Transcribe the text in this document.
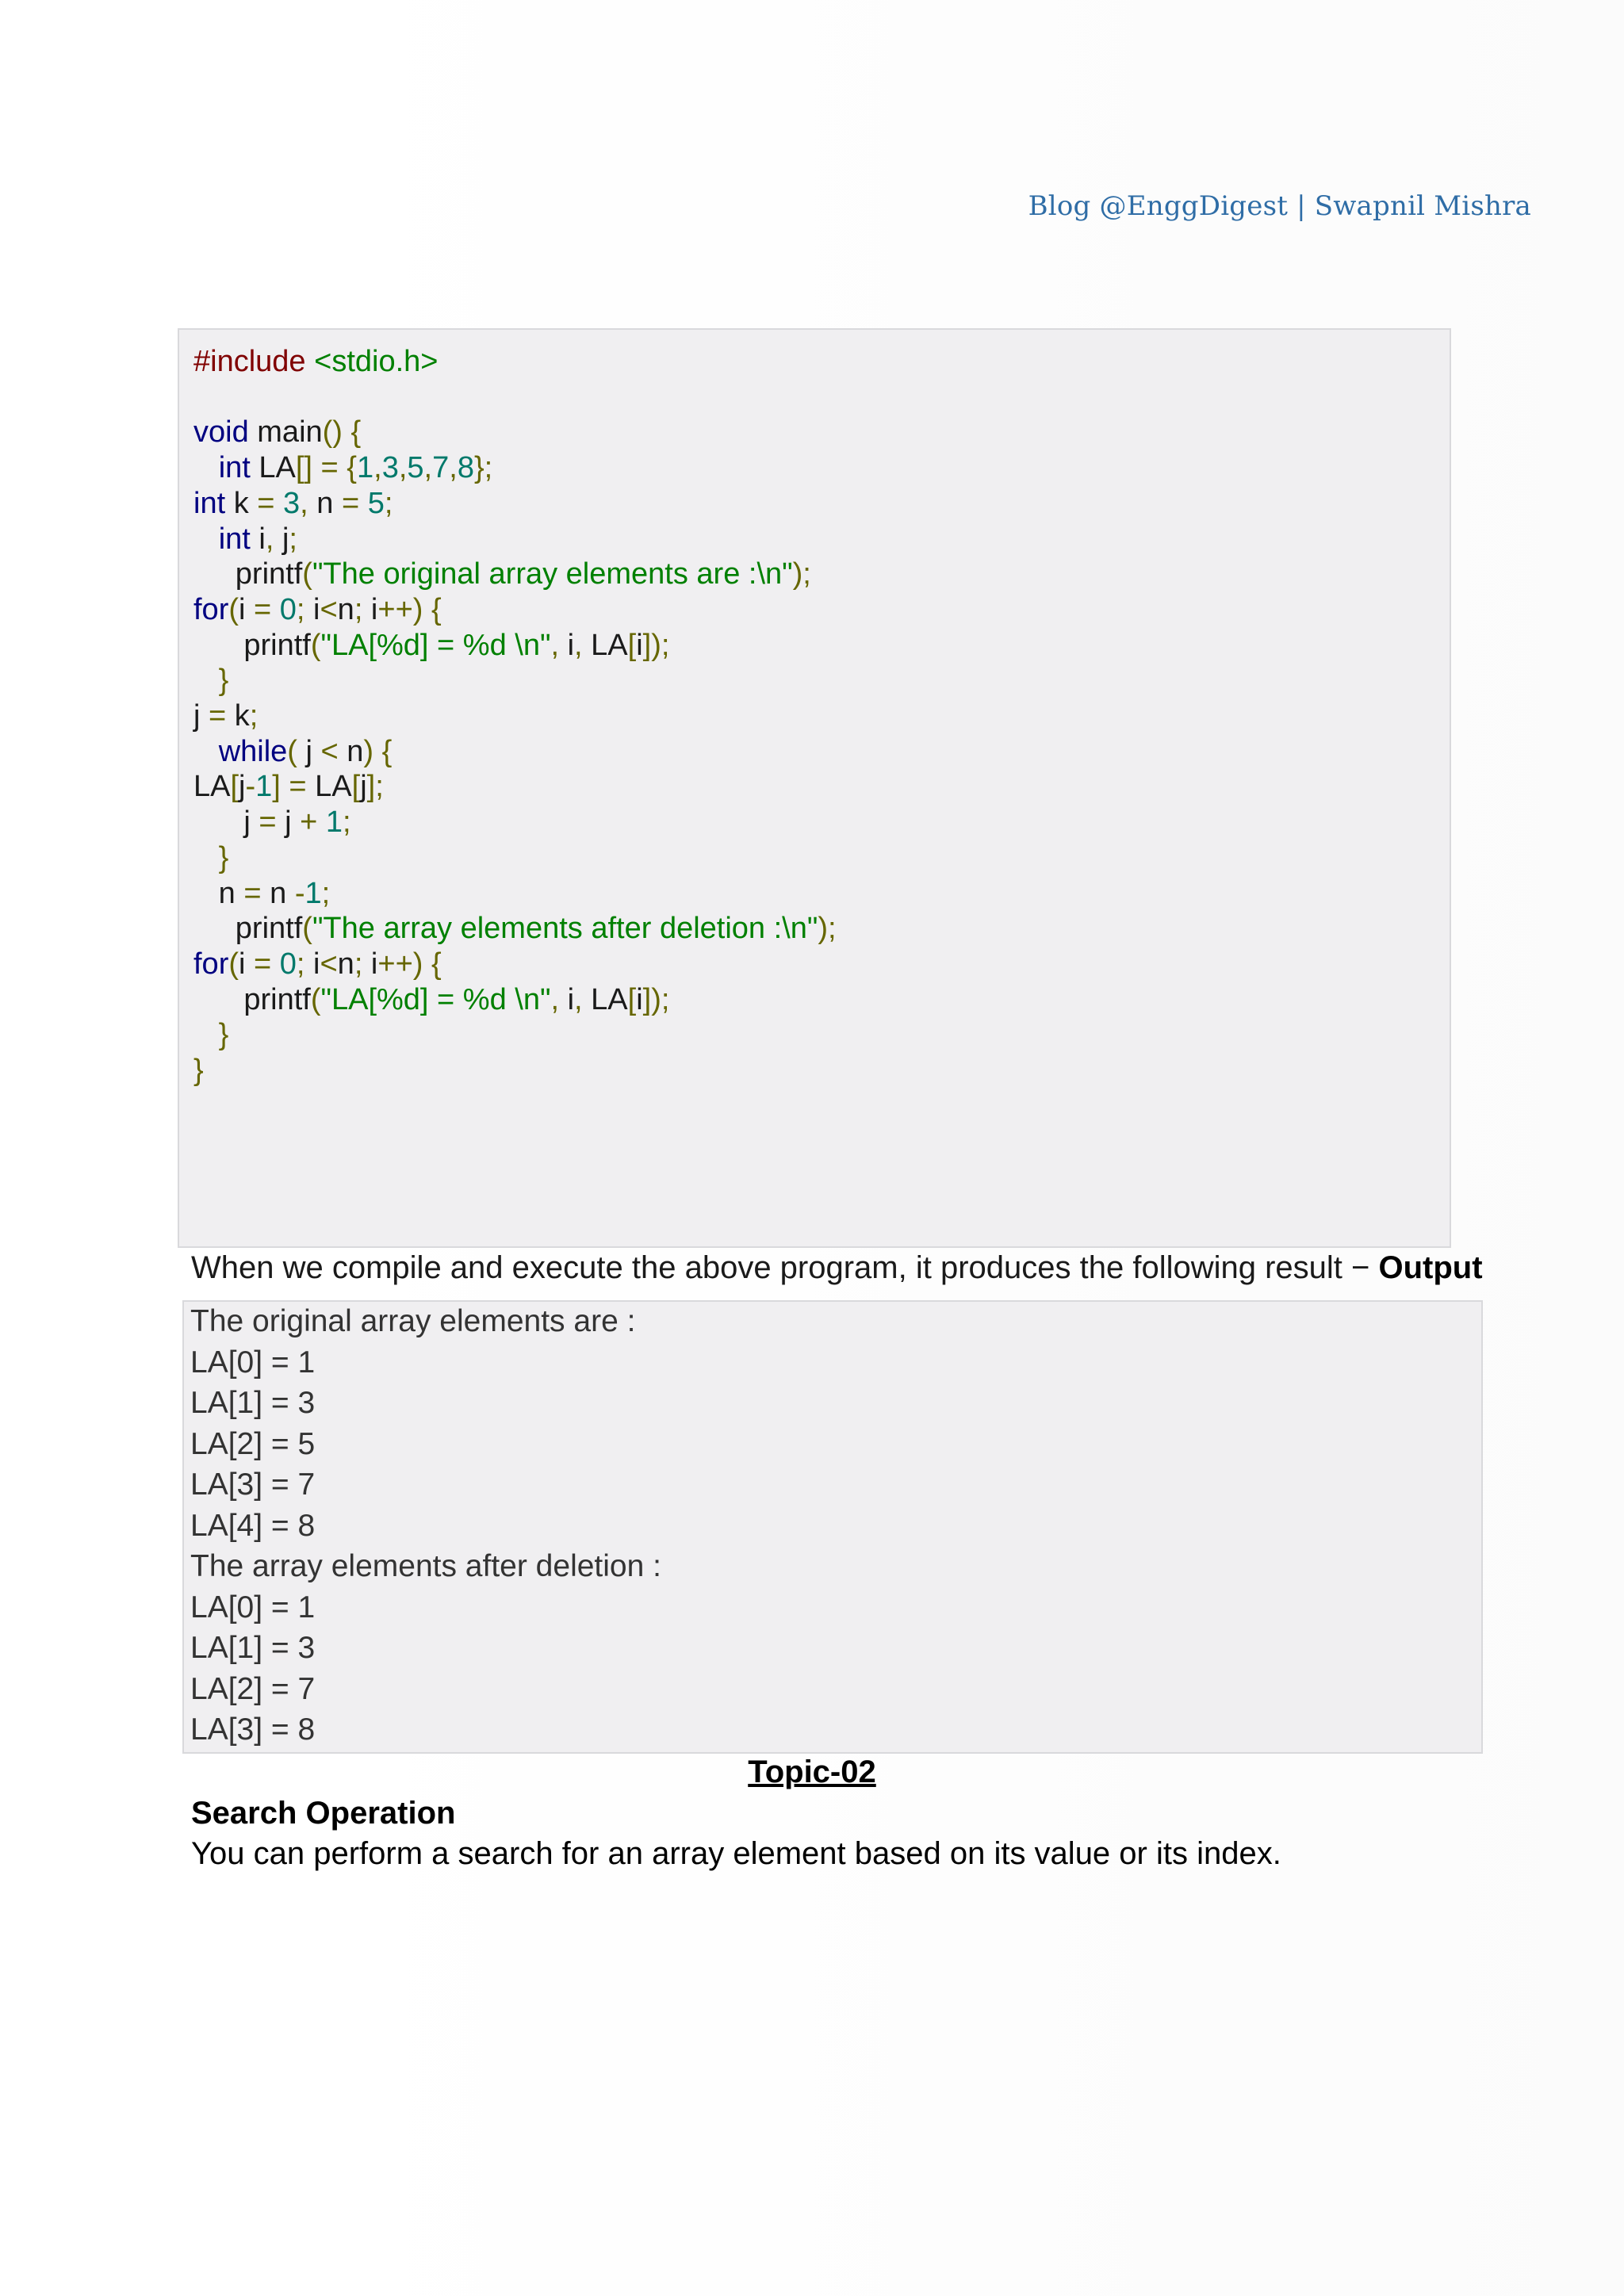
Blog @EnggDigest | Swapnil Mishra
#include <stdio.h>
void main() {
int LA[] = {1,3,5,7,8};
int k = 3, n = 5;
int i, j;
printf("The original array elements are :\n");
for(i = 0; i<n; i++) {
printf("LA[%d] = %d \n", i, LA[i]);
}
j = k;
while( j < n) {
LA[j-1] = LA[j];
j = j + 1;
}
n = n -1;
printf("The array elements after deletion :\n");
for(i = 0; i<n; i++) {
printf("LA[%d] = %d \n", i, LA[i]);
}
}
When we compile and execute the above program, it produces the following result − Output
The original array elements are :
LA[0] = 1
LA[1] = 3
LA[2] = 5
LA[3] = 7
LA[4] = 8
The array elements after deletion :
LA[0] = 1
LA[1] = 3
LA[2] = 7
LA[3] = 8
Topic-02
Search Operation
You can perform a search for an array element based on its value or its index.
